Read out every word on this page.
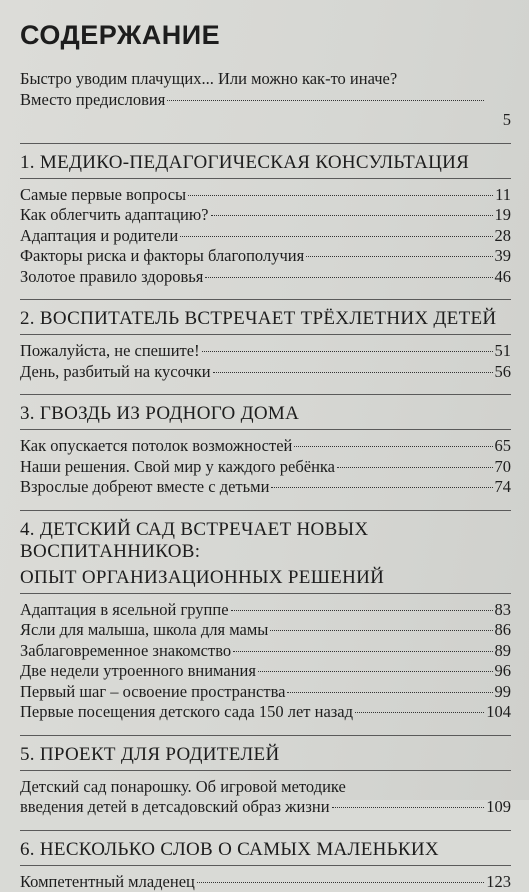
СОДЕРЖАНИЕ
Быстро уводим плачущих... Или можно как-то иначе?
Вместо предисловия
5
1. МЕДИКО-ПЕДАГОГИЧЕСКАЯ КОНСУЛЬТАЦИЯ
Самые первые вопросы	11
Как облегчить адаптацию?	19
Адаптация и родители	28
Факторы риска и факторы благополучия	39
Золотое правило здоровья	46
2. ВОСПИТАТЕЛЬ ВСТРЕЧАЕТ ТРЁХЛЕТНИХ ДЕТЕЙ
Пожалуйста, не спешите!	51
День, разбитый на кусочки	56
3. ГВОЗДЬ ИЗ РОДНОГО ДОМА
Как опускается потолок возможностей	65
Наши решения. Свой мир у каждого ребёнка	70
Взрослые добреют вместе с детьми	74
4. ДЕТСКИЙ САД ВСТРЕЧАЕТ НОВЫХ ВОСПИТАННИКОВ:
ОПЫТ ОРГАНИЗАЦИОННЫХ РЕШЕНИЙ
Адаптация в ясельной группе	83
Ясли для малыша, школа для мамы	86
Заблаговременное знакомство	89
Две недели утроенного внимания	96
Первый шаг – освоение пространства	99
Первые посещения детского сада 150 лет назад	104
5. ПРОЕКТ ДЛЯ РОДИТЕЛЕЙ
Детский сад понарошку. Об игровой методике
введения детей в детсадовский образ жизни	109
6. НЕСКОЛЬКО СЛОВ О САМЫХ МАЛЕНЬКИХ
Компетентный младенец	123
